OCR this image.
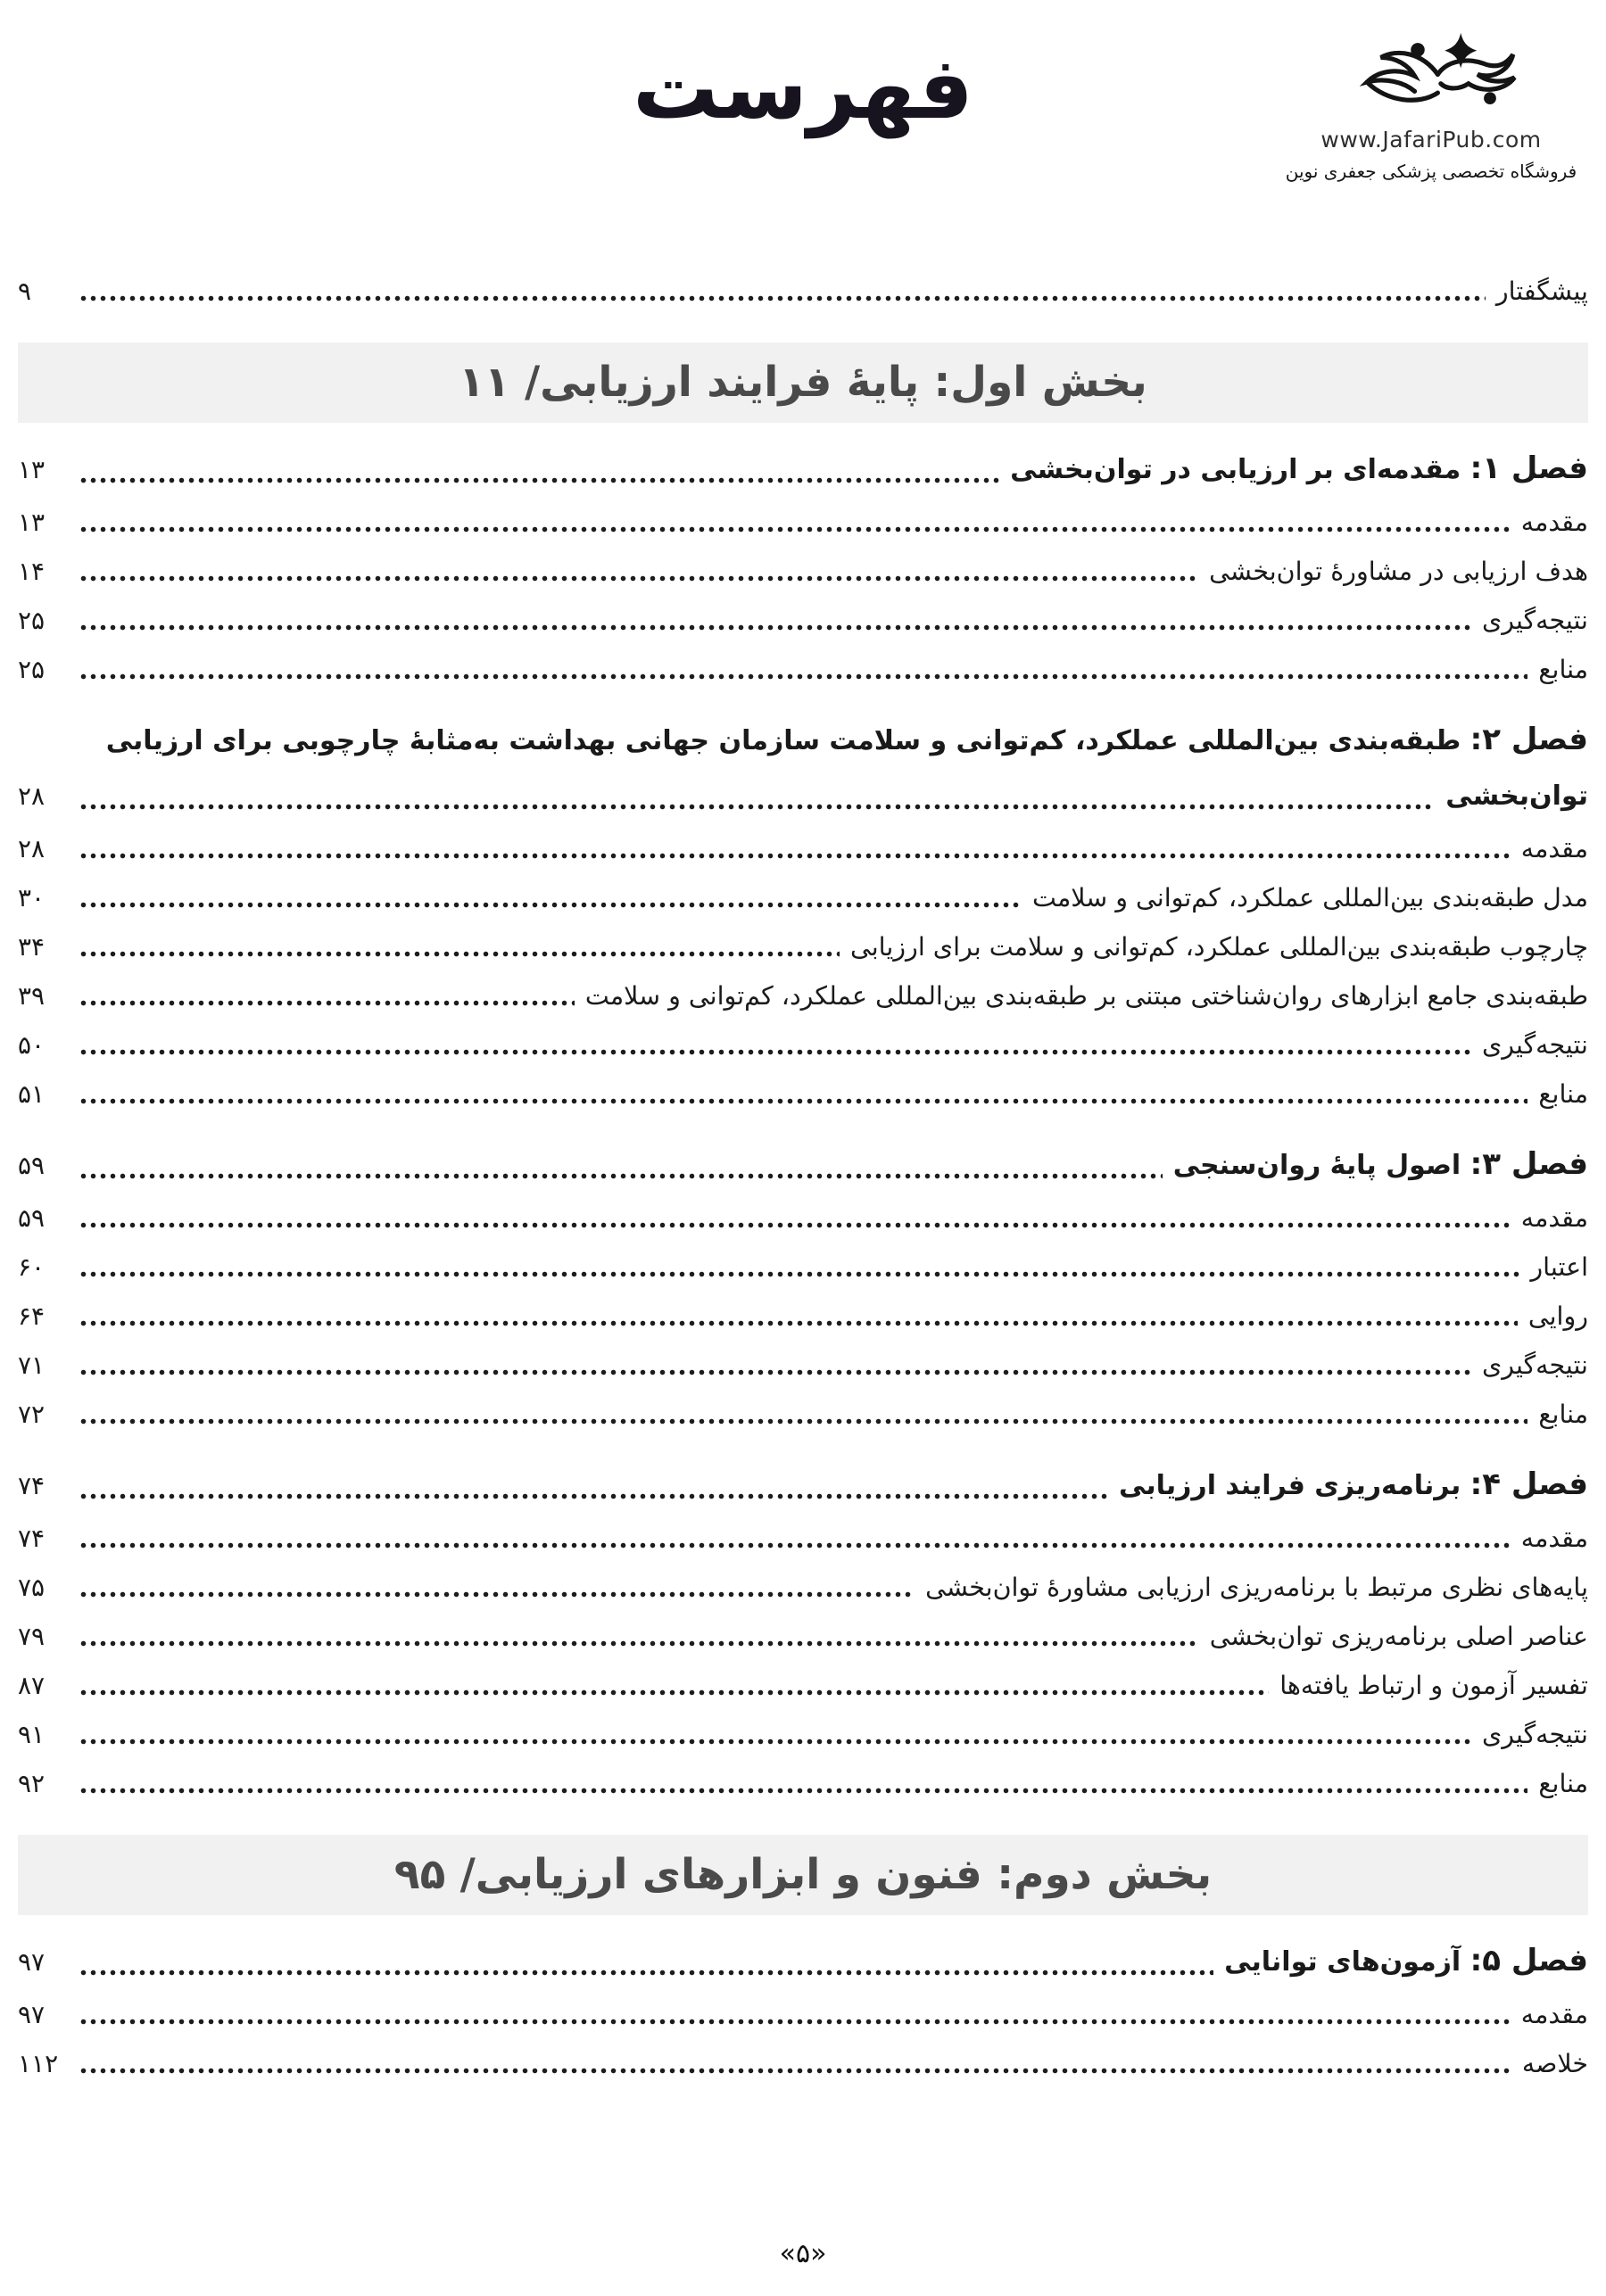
فهرست
www.JafariPub.com
فروشگاه تخصصی پزشکی جعفری نوین
پیشگفتار
۹
بخش اول: پایهٔ فرایند ارزیابی/ ۱۱
فصل ۱: مقدمه‌ای بر ارزیابی در توان‌بخشی
۱۳
مقدمه
۱۳
هدف ارزیابی در مشاورهٔ توان‌بخشی
۱۴
نتیجه‌گیری
۲۵
منابع
۲۵
فصل ۲: طبقه‌بندی بین‌المللی عملکرد، کم‌توانی و سلامت سازمان جهانی بهداشت به‌مثابهٔ چارچوبی برای ارزیابی توان‌بخشی
۲۸
مقدمه
۲۸
مدل طبقه‌بندی بین‌المللی عملکرد، کم‌توانی و سلامت
۳۰
چارچوب طبقه‌بندی بین‌المللی عملکرد، کم‌توانی و سلامت برای ارزیابی
۳۴
طبقه‌بندی جامع ابزارهای روان‌شناختی مبتنی بر طبقه‌بندی بین‌المللی عملکرد، کم‌توانی و سلامت
۳۹
نتیجه‌گیری
۵۰
منابع
۵۱
فصل ۳: اصول پایهٔ روان‌سنجی
۵۹
مقدمه
۵۹
اعتبار
۶۰
روایی
۶۴
نتیجه‌گیری
۷۱
منابع
۷۲
فصل ۴: برنامه‌ریزی فرایند ارزیابی
۷۴
مقدمه
۷۴
پایه‌های نظری مرتبط با برنامه‌ریزی ارزیابی مشاورهٔ توان‌بخشی
۷۵
عناصر اصلی برنامه‌ریزی توان‌بخشی
۷۹
تفسیر آزمون و ارتباط یافته‌ها
۸۷
نتیجه‌گیری
۹۱
منابع
۹۲
بخش دوم: فنون و ابزارهای ارزیابی/ ۹۵
فصل ۵: آزمون‌های توانایی
۹۷
مقدمه
۹۷
خلاصه
۱۱۲
«۵»
